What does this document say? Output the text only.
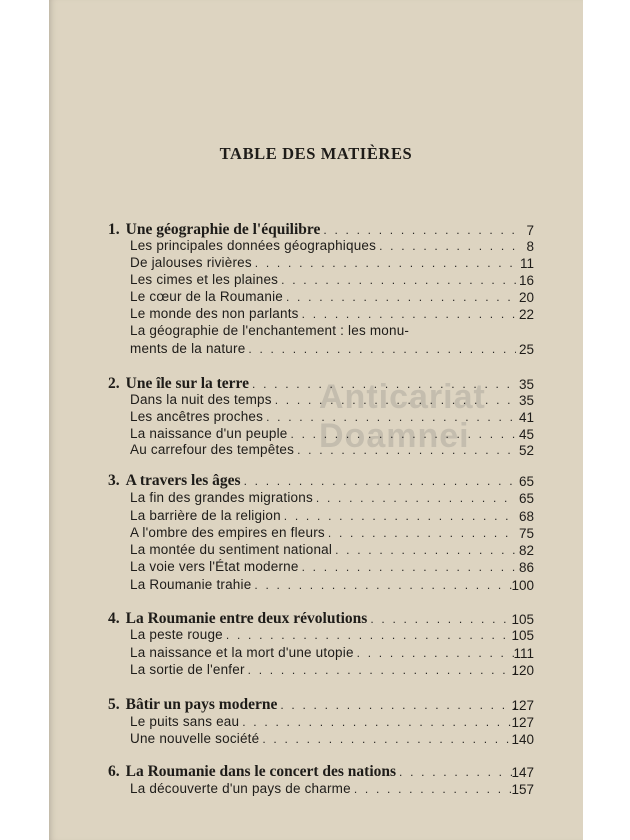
Anticariat Doamnei
TABLE DES MATIÈRES
1. Une géographie de l'équilibre . . .	7
Les principales données géographiques . . .	8
De jalouses rivières . . .	11
Les cimes et les plaines . . .	16
Le cœur de la Roumanie . . .	20
Le monde des non parlants . . .	22
La géographie de l'enchantement : les monu-
ments de la nature . . .	25
2. Une île sur la terre . . .	35
Dans la nuit des temps . . .	35
Les ancêtres proches . . .	41
La naissance d'un peuple . . .	45
Au carrefour des tempêtes . . .	52
3. A travers les âges . . .	65
La fin des grandes migrations . . .	65
La barrière de la religion . . .	68
A l'ombre des empires en fleurs . . .	75
La montée du sentiment national . . .	82
La voie vers l'État moderne . . .	86
La Roumanie trahie . . .	100
4. La Roumanie entre deux révolutions . . .	105
La peste rouge . . .	105
La naissance et la mort d'une utopie . . .	111
La sortie de l'enfer . . .	120
5. Bâtir un pays moderne . . .	127
Le puits sans eau . . .	127
Une nouvelle société . . .	140
6. La Roumanie dans le concert des nations . . .	147
La découverte d'un pays de charme . . .	157
